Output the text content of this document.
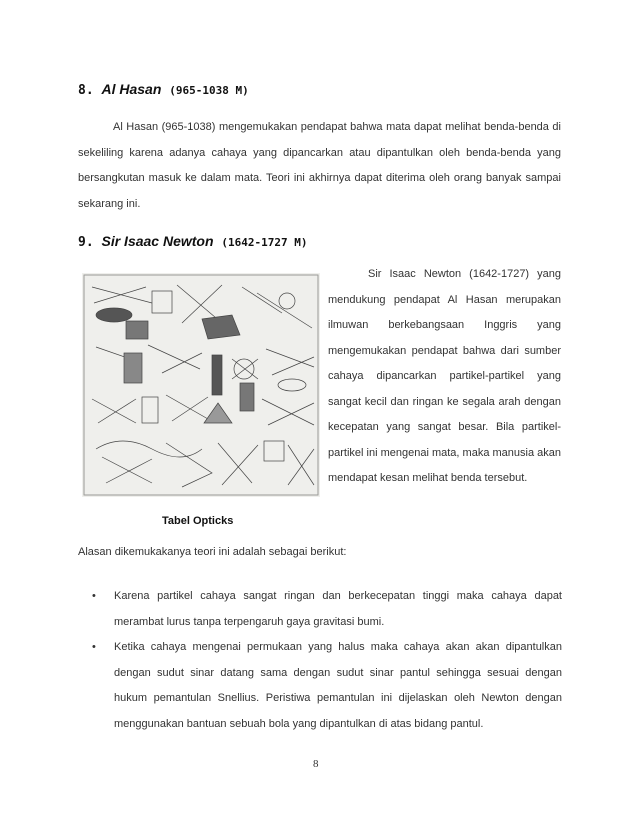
8. Al Hasan (965-1038 M)

Al Hasan (965-1038) mengemukakan pendapat bahwa mata dapat melihat benda-benda di sekeliling karena adanya cahaya yang dipancarkan atau dipantulkan oleh benda-benda yang bersangkutan masuk ke dalam mata. Teori ini akhirnya dapat diterima oleh orang banyak sampai sekarang ini.

9. Sir Isaac Newton (1642-1727 M)

Sir Isaac Newton (1642-1727) yang mendukung pendapat Al Hasan merupakan ilmuwan berkebangsaan Inggris yang mengemukakan pendapat bahwa dari sumber cahaya dipancarkan partikel-partikel yang sangat kecil dan ringan ke segala arah dengan kecepatan yang sangat besar. Bila partikel-partikel ini mengenai mata, maka manusia akan mendapat kesan melihat benda tersebut.

Tabel Opticks
Alasan dikemukakanya teori ini adalah sebagai berikut:
• Karena partikel cahaya sangat ringan dan berkecepatan tinggi maka cahaya dapat merambat lurus tanpa terpengaruh gaya gravitasi bumi.
• Ketika cahaya mengenai permukaan yang halus maka cahaya akan akan dipantulkan dengan sudut sinar datang sama dengan sudut sinar pantul sehingga sesuai dengan hukum pemantulan Snellius. Peristiwa pemantulan ini dijelaskan oleh Newton dengan menggunakan bantuan sebuah bola yang dipantulkan di atas bidang pantul.
8
